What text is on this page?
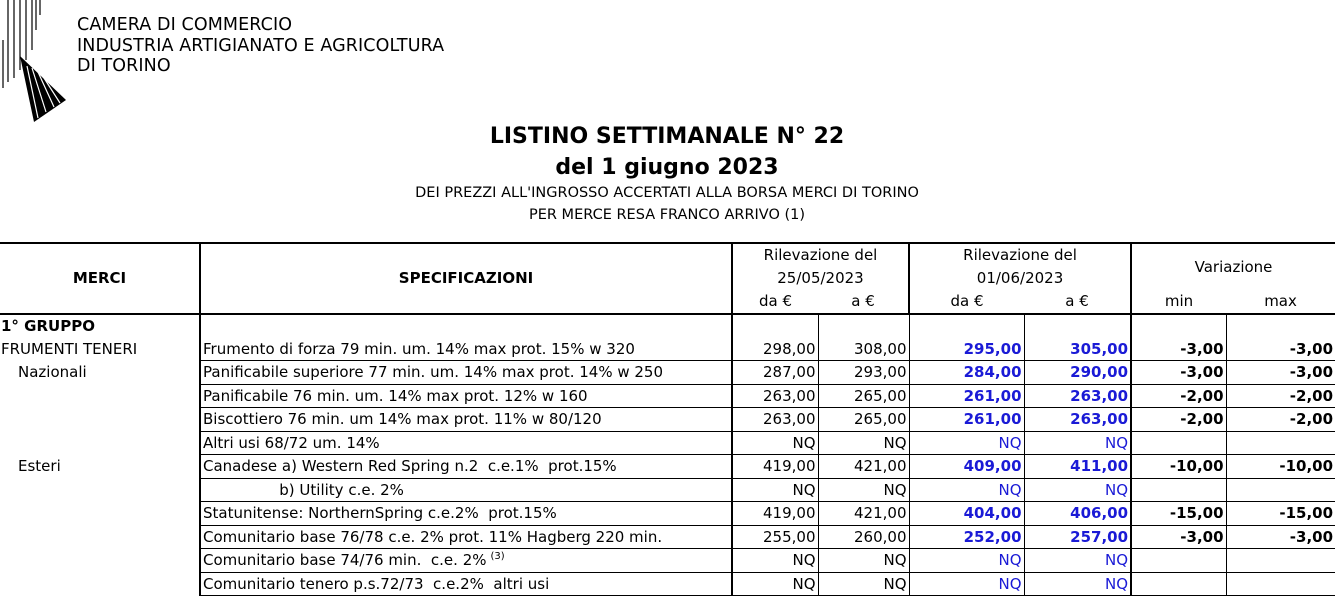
CAMERA DI COMMERCIO
INDUSTRIA ARTIGIANATO E AGRICOLTURA
DI TORINO
LISTINO SETTIMANALE N° 22
del 1 giugno 2023
DEI PREZZI ALL'INGROSSO ACCERTATI ALLA BORSA MERCI DI TORINO
PER MERCE RESA FRANCO ARRIVO (1)
MERCI	SPECIFICAZIONI	Rilevazione del		Rilevazione del		Variazione	
		25/05/2023		01/06/2023			
		da €	a €	da €	a €	min	max
1° GRUPPO							
FRUMENTI TENERI	Frumento di forza 79 min. um. 14% max prot. 15% w 320	298,00	308,00	295,00	305,00	-3,00	-3,00
Nazionali	Panificabile superiore 77 min. um. 14% max prot. 14% w 250	287,00	293,00	284,00	290,00	-3,00	-3,00
	Panificabile 76 min. um. 14% max prot. 12% w 160	263,00	265,00	261,00	263,00	-2,00	-2,00
	Biscottiero 76 min. um 14% max prot. 11% w 80/120	263,00	265,00	261,00	263,00	-2,00	-2,00
	Altri usi 68/72 um. 14%	NQ	NQ	NQ	NQ		
Esteri	Canadese a) Western Red Spring n.2  c.e.1%  prot.15%	419,00	421,00	409,00	411,00	-10,00	-10,00
	b) Utility c.e. 2%	NQ	NQ	NQ	NQ		
	Statunitense: NorthernSpring c.e.2%  prot.15%	419,00	421,00	404,00	406,00	-15,00	-15,00
	Comunitario base 76/78 c.e. 2% prot. 11% Hagberg 220 min.	255,00	260,00	252,00	257,00	-3,00	-3,00
	Comunitario base 74/76 min.  c.e. 2% $^{(3)}$	NQ	NQ	NQ	NQ		
	Comunitario tenero p.s.72/73  c.e.2%  altri usi	NQ	NQ	NQ	NQ		
